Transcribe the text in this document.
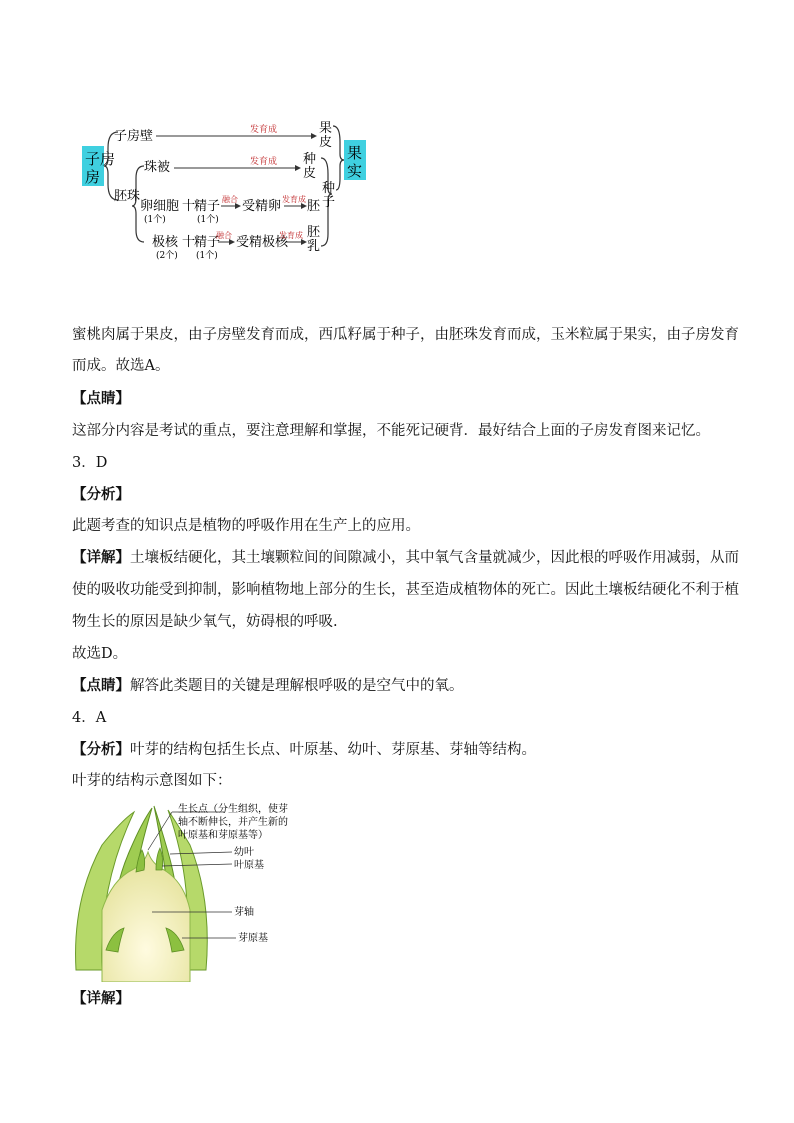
子房
子房壁	发育成
胚珠
珠被	发育成
卵细胞
(1个)
十
精子
(1个)
融合 受精卵 发育成
极核
(2个)
十
精子
(1个)
融合 受精极核
发育成
果
皮
种
皮
胚
胚
乳
种
子
果
实
房
蜜桃肉属于果皮，由子房壁发育而成，西瓜籽属于种子，由胚珠发育而成，玉米粒属于果实，由子房发育
而成。故选A。
【点睛】
这部分内容是考试的重点，要注意理解和掌握，不能死记硬背．最好结合上面的子房发育图来记忆。
3．D
【分析】
此题考查的知识点是植物的呼吸作用在生产上的应用。
【详解】土壤板结硬化，其土壤颗粒间的间隙减小，其中氧气含量就减少，因此根的呼吸作用减弱，从而
使的吸收功能受到抑制，影响植物地上部分的生长，甚至造成植物体的死亡。因此土壤板结硬化不利于植
物生长的原因是缺少氧气，妨碍根的呼吸.
故选D。
【点睛】解答此类题目的关键是理解根呼吸的是空气中的氧。
4．A
【分析】叶芽的结构包括生长点、叶原基、幼叶、芽原基、芽轴等结构。
叶芽的结构示意图如下：
生长点（分生组织，使芽
轴不断伸长，并产生新的
叶原基和芽原基等）
幼叶
叶原基
芽轴
芽原基
【详解】
